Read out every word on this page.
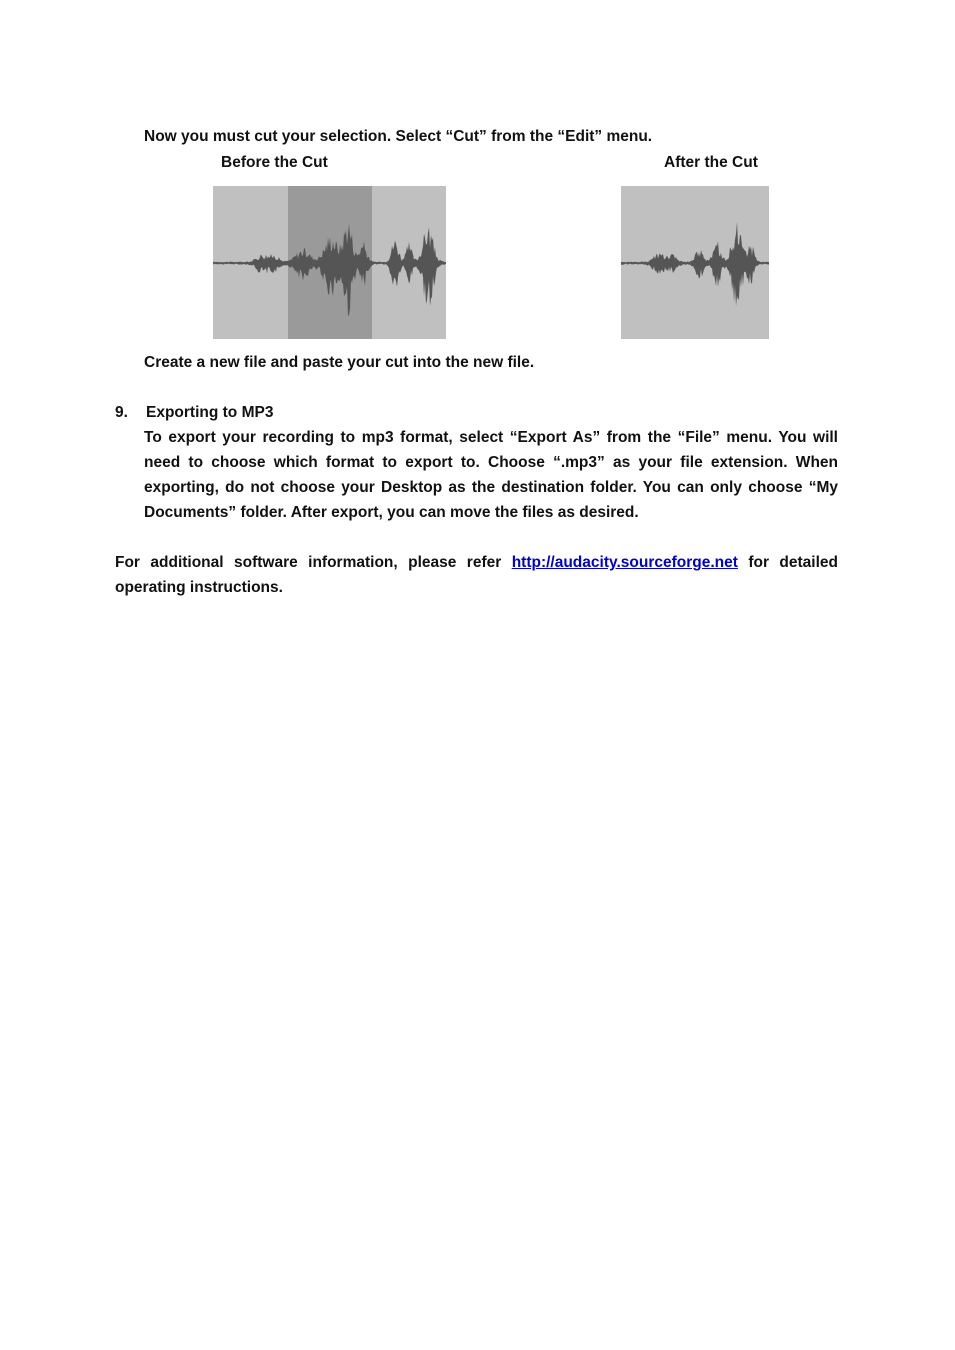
Now you must cut your selection. Select “Cut” from the “Edit” menu.
Before the Cut	After the Cut
Create a new file and paste your cut into the new file.
9. Exporting to MP3
To export your recording to mp3 format, select “Export As” from the “File” menu. You will
need to choose which format to export to. Choose “.mp3” as your file extension. When
exporting, do not choose your Desktop as the destination folder. You can only choose “My
Documents” folder. After export, you can move the files as desired.
For additional software information, please refer http://audacity.sourceforge.net for detailed
operating instructions.
